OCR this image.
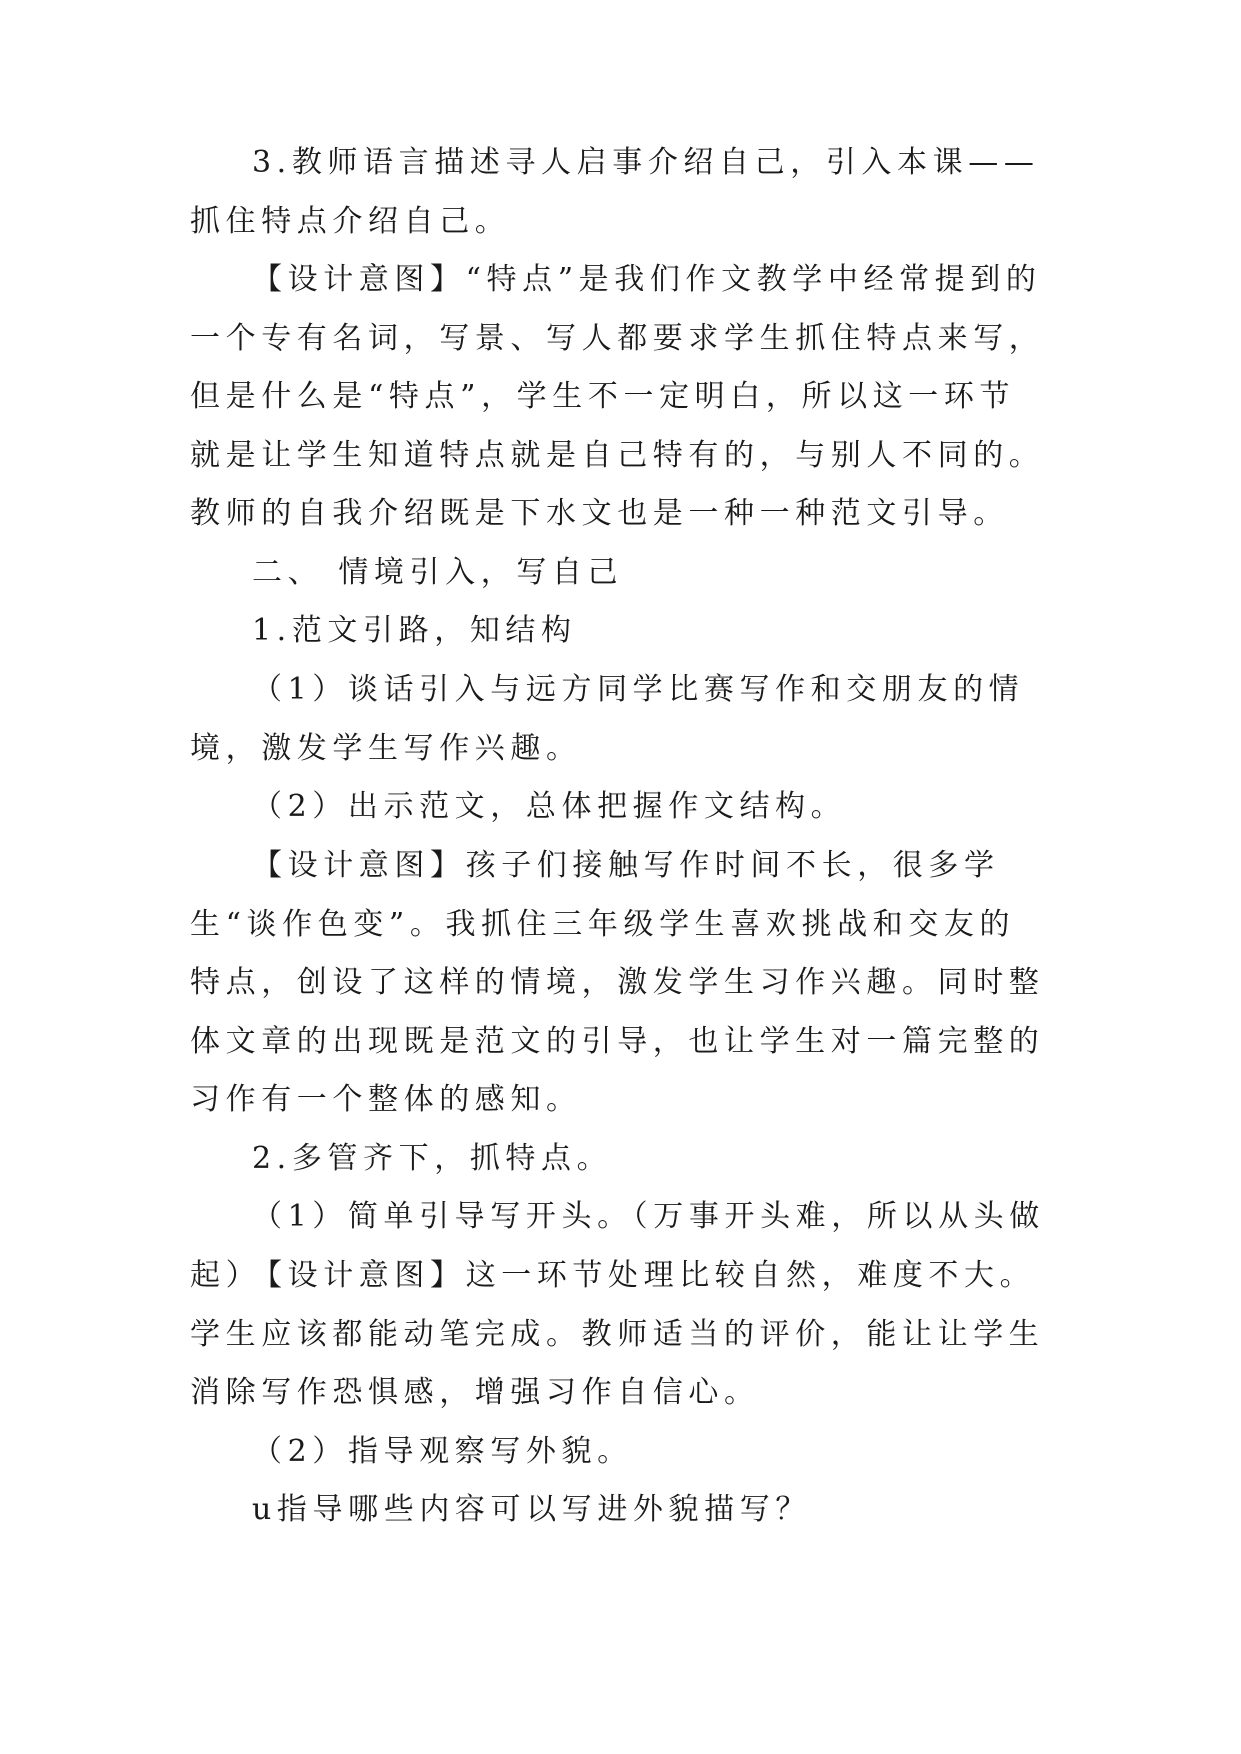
3.教师语言描述寻人启事介绍自己，引入本课——抓住特点介绍自己。

【设计意图】“特点”是我们作文教学中经常提到的一个专有名词，写景、写人都要求学生抓住特点来写，但是什么是“特点”，学生不一定明白，所以这一环节就是让学生知道特点就是自己特有的，与别人不同的。教师的自我介绍既是下水文也是一种一种范文引导。

二、 情境引入，写自己

1.范文引路，知结构

（1）谈话引入与远方同学比赛写作和交朋友的情境，激发学生写作兴趣。

（2）出示范文，总体把握作文结构。

【设计意图】孩子们接触写作时间不长，很多学生“谈作色变”。我抓住三年级学生喜欢挑战和交友的特点，创设了这样的情境，激发学生习作兴趣。同时整体文章的出现既是范文的引导，也让学生对一篇完整的习作有一个整体的感知。

2.多管齐下，抓特点。

（1）简单引导写开头。（万事开头难，所以从头做起）

【设计意图】这一环节处理比较自然，难度不大。学生应该都能动笔完成。教师适当的评价，能让让学生消除写作恐惧感，增强习作自信心。

（2）指导观察写外貌。

u指导哪些内容可以写进外貌描写？
